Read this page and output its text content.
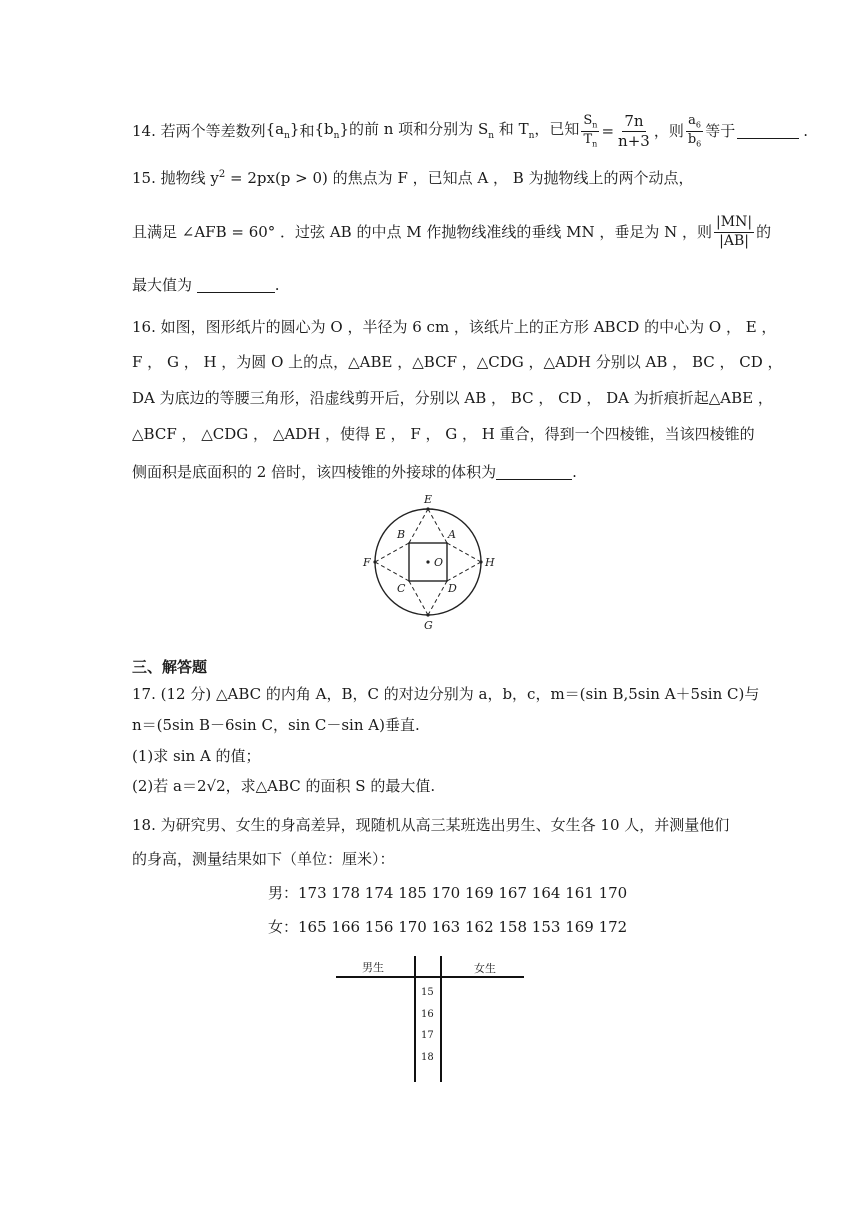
14. 若两个等差数列 $\{a_n\}$ 和 $\{b_n\}$ 的前 n 项和分别为 $S_n$ 和 $T_n$，已知 $\frac{S_n}{T_n} = \frac{7n}{n+3}$ ，则 $\frac{a_6}{b_6}$ 等于	.
15. 抛物线 $y^2 = 2px(p > 0)$ 的焦点为 F ，已知点 A ， B 为抛物线上的两个动点，
且满足 ∠AFB = 60° ．过弦 AB 的中点 M 作抛物线准线的垂线 MN ，垂足为 N ，则 $\frac{|MN|}{|AB|}$ 的
最大值为	.
16. 如图，图形纸片的圆心为 O ，半径为 6 cm ，该纸片上的正方形 ABCD 的中心为 O ， E ，
F ， G ， H ，为圆 O 上的点，△ABE ，△BCF ，△CDG ，△ADH 分别以 AB ， BC ， CD ，
DA 为底边的等腰三角形，沿虚线剪开后，分别以 AB ， BC ， CD ， DA 为折痕折起△ABE ，
△BCF ， △CDG ， △ADH ，使得 E ， F ， G ， H 重合，得到一个四棱锥，当该四棱锥的
侧面积是底面积的 2 倍时，该四棱锥的外接球的体积为	.
E
F
G
H
A
B
C	D
O
三、解答题
17. (12 分) △ABC 的内角 A，B，C 的对边分别为 a，b，c，m＝(sin B,5sin A＋5sin C)与
n＝(5sin B－6sin C，sin C－sin A)垂直.
(1)求 sin A 的值；
(2)若 a＝2√2，求△ABC 的面积 S 的最大值.
18. 为研究男、女生的身高差异，现随机从高三某班选出男生、女生各 10 人，并测量他们
的身高，测量结果如下（单位：厘米）：
男：173 178 174 185 170 169 167 164 161 170
女：165 166 156 170 163 162 158 153 169 172
男生	女生
15
16
17
18
